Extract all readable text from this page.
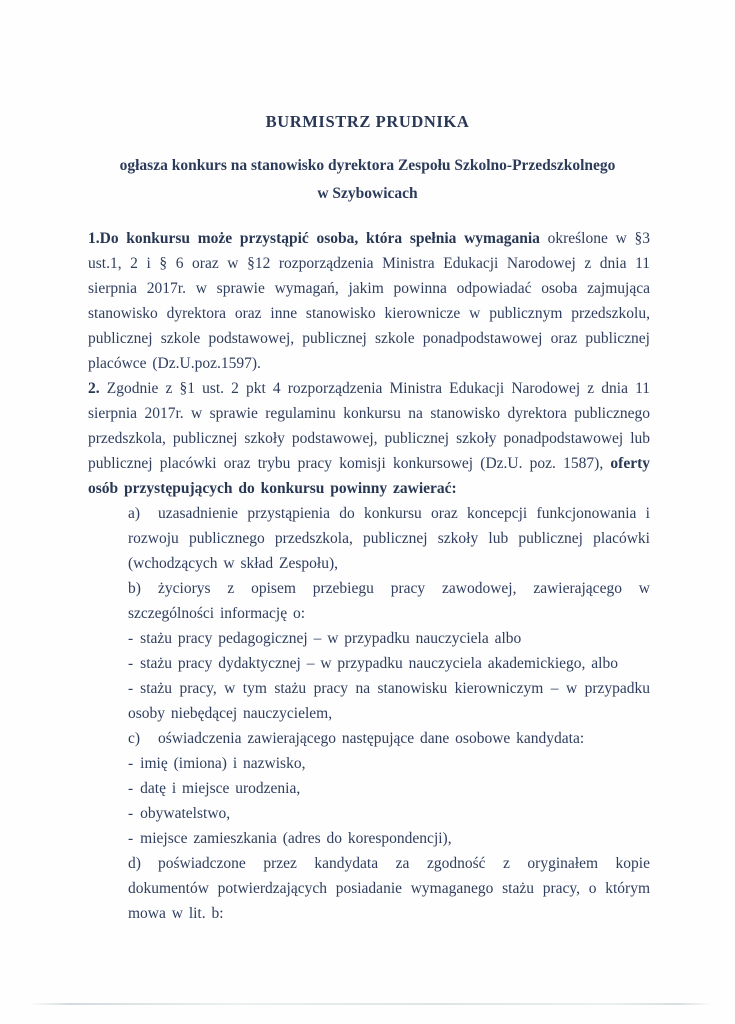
BURMISTRZ PRUDNIKA
ogłasza konkurs na stanowisko dyrektora Zespołu Szkolno-Przedszkolnego
w Szybowicach

1.Do konkursu może przystąpić osoba, która spełnia wymagania określone w §3 ust.1, 2 i § 6 oraz w §12 rozporządzenia Ministra Edukacji Narodowej z dnia 11 sierpnia 2017r. w sprawie wymagań, jakim powinna odpowiadać osoba zajmująca stanowisko dyrektora oraz inne stanowisko kierownicze w publicznym przedszkolu, publicznej szkole podstawowej, publicznej szkole ponadpodstawowej oraz publicznej placówce (Dz.U.poz.1597).

2. Zgodnie z §1 ust. 2 pkt 4 rozporządzenia Ministra Edukacji Narodowej z dnia 11 sierpnia 2017r. w sprawie regulaminu konkursu na stanowisko dyrektora publicznego przedszkola, publicznej szkoły podstawowej, publicznej szkoły ponadpodstawowej lub publicznej placówki oraz trybu pracy komisji konkursowej (Dz.U. poz. 1587), oferty osób przystępujących do konkursu powinny zawierać:

a) uzasadnienie przystąpienia do konkursu oraz koncepcji funkcjonowania i rozwoju publicznego przedszkola, publicznej szkoły lub publicznej placówki (wchodzących w skład Zespołu),
b) życiorys z opisem przebiegu pracy zawodowej, zawierającego w szczególności informację o:
- stażu pracy pedagogicznej – w przypadku nauczyciela albo
- stażu pracy dydaktycznej – w przypadku nauczyciela akademickiego, albo
- stażu pracy, w tym stażu pracy na stanowisku kierowniczym – w przypadku osoby niebędącej nauczycielem,
c) oświadczenia zawierającego następujące dane osobowe kandydata:
- imię (imiona) i nazwisko,
- datę i miejsce urodzenia,
- obywatelstwo,
- miejsce zamieszkania (adres do korespondencji),
d) poświadczone przez kandydata za zgodność z oryginałem kopie dokumentów potwierdzających posiadanie wymaganego stażu pracy, o którym mowa w lit. b:
